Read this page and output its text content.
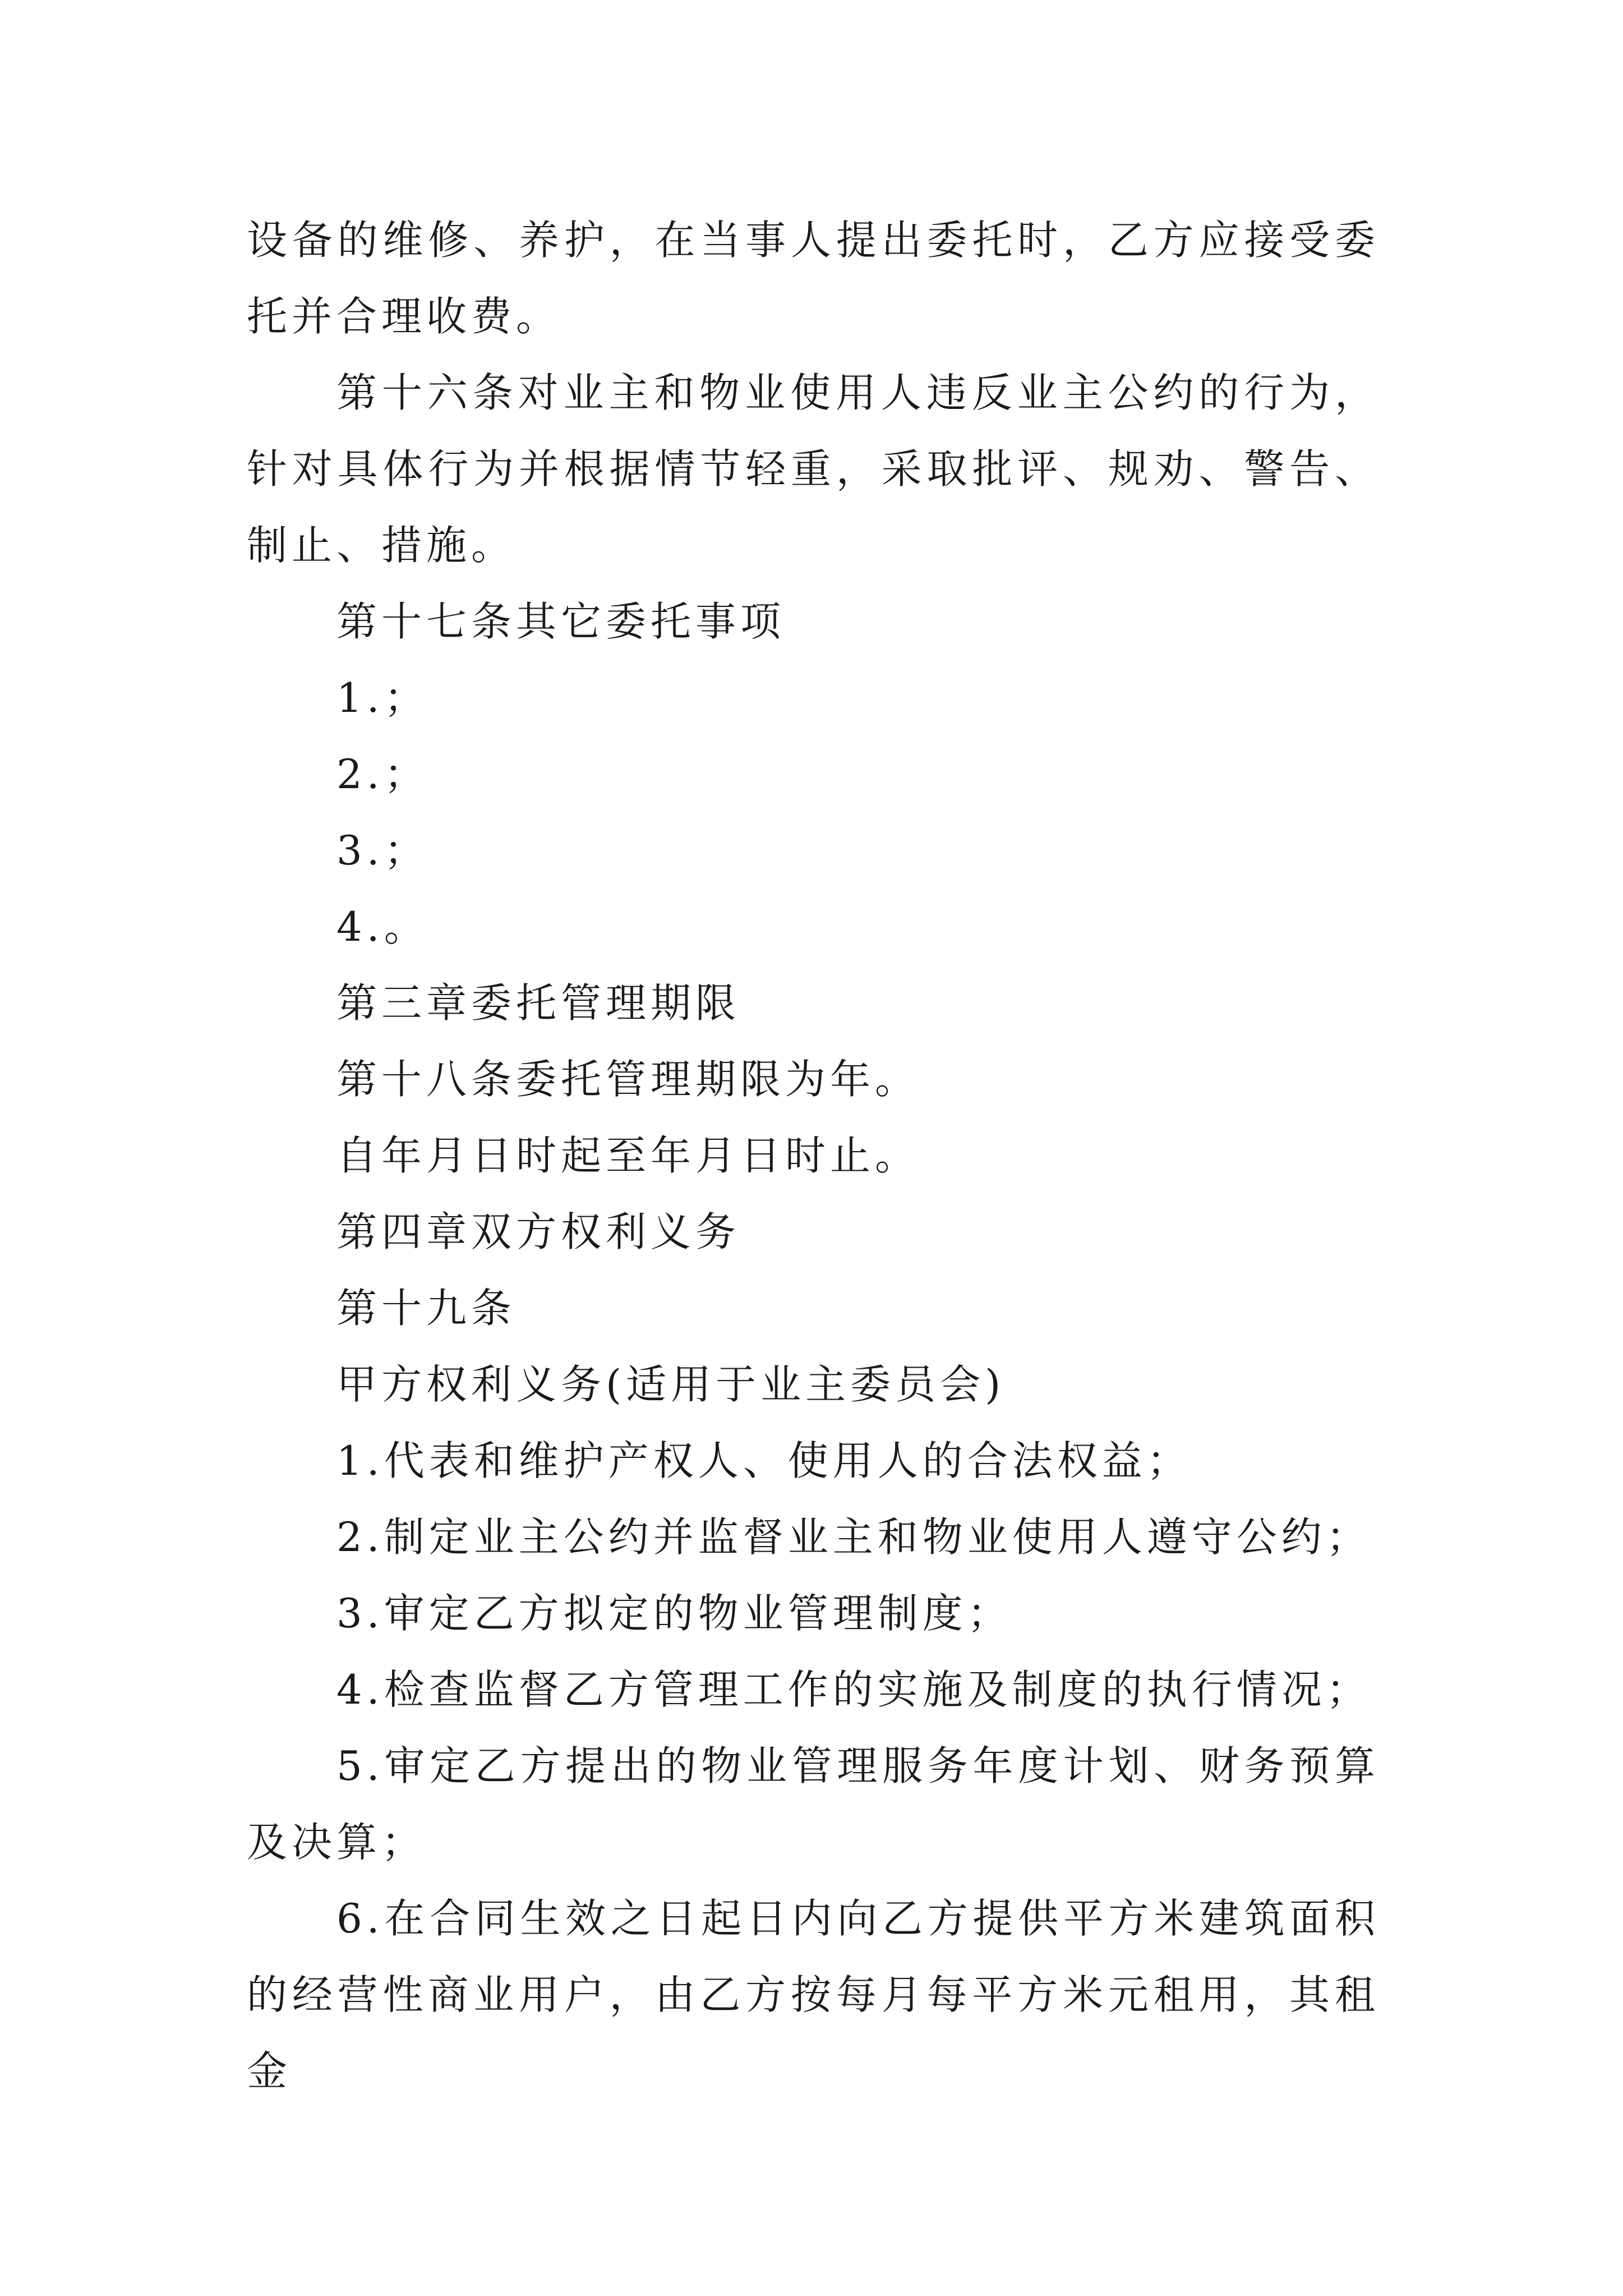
设备的维修、养护，在当事人提出委托时，乙方应接受委托并合理收费。

第十六条对业主和物业使用人违反业主公约的行为，针对具体行为并根据情节轻重，采取批评、规劝、警告、制止、措施。

第十七条其它委托事项

1.；

2.；

3.；

4.。

第三章委托管理期限

第十八条委托管理期限为年。

自年月日时起至年月日时止。

第四章双方权利义务

第十九条

甲方权利义务(适用于业主委员会)

1.代表和维护产权人、使用人的合法权益；

2.制定业主公约并监督业主和物业使用人遵守公约；

3.审定乙方拟定的物业管理制度；

4.检查监督乙方管理工作的实施及制度的执行情况；

5.审定乙方提出的物业管理服务年度计划、财务预算及决算；

6.在合同生效之日起日内向乙方提供平方米建筑面积的经营性商业用户，由乙方按每月每平方米元租用，其租金
